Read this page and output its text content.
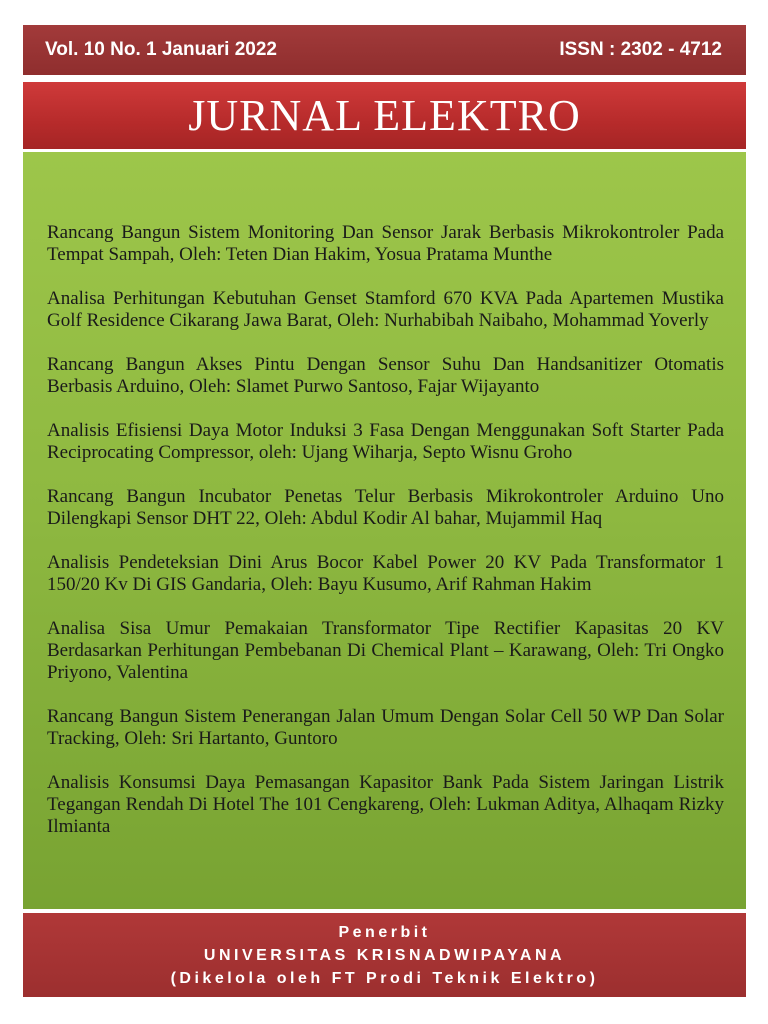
Vol. 10 No. 1 Januari 2022	ISSN : 2302 - 4712
JURNAL ELEKTRO

Rancang Bangun Sistem Monitoring Dan Sensor Jarak Berbasis Mikrokontroler Pada Tempat Sampah, Oleh: Teten Dian Hakim, Yosua Pratama Munthe

Analisa Perhitungan Kebutuhan Genset Stamford 670 KVA Pada Apartemen Mustika Golf Residence Cikarang Jawa Barat, Oleh: Nurhabibah Naibaho, Mohammad Yoverly

Rancang Bangun Akses Pintu Dengan Sensor Suhu Dan Handsanitizer Otomatis Berbasis Arduino, Oleh: Slamet Purwo Santoso, Fajar Wijayanto

Analisis Efisiensi Daya Motor Induksi 3 Fasa Dengan Menggunakan Soft Starter Pada Reciprocating Compressor, oleh: Ujang Wiharja, Septo Wisnu Groho

Rancang Bangun Incubator Penetas Telur Berbasis Mikrokontroler Arduino Uno Dilengkapi Sensor DHT 22, Oleh: Abdul Kodir Al bahar, Mujammil Haq

Analisis Pendeteksian Dini Arus Bocor Kabel Power 20 KV Pada Transformator 1 150/20 Kv Di GIS Gandaria, Oleh: Bayu Kusumo, Arif Rahman Hakim

Analisa Sisa Umur Pemakaian Transformator Tipe Rectifier Kapasitas 20 KV Berdasarkan Perhitungan Pembebanan Di Chemical Plant – Karawang, Oleh: Tri Ongko Priyono, Valentina

Rancang Bangun Sistem Penerangan Jalan Umum Dengan Solar Cell 50 WP Dan Solar Tracking, Oleh: Sri Hartanto, Guntoro

Analisis Konsumsi Daya Pemasangan Kapasitor Bank Pada Sistem Jaringan Listrik Tegangan Rendah Di Hotel The 101 Cengkareng, Oleh: Lukman Aditya, Alhaqam Rizky Ilmianta

Penerbit
UNIVERSITAS KRISNADWIPAYANA
(Dikelola oleh FT Prodi Teknik Elektro)
